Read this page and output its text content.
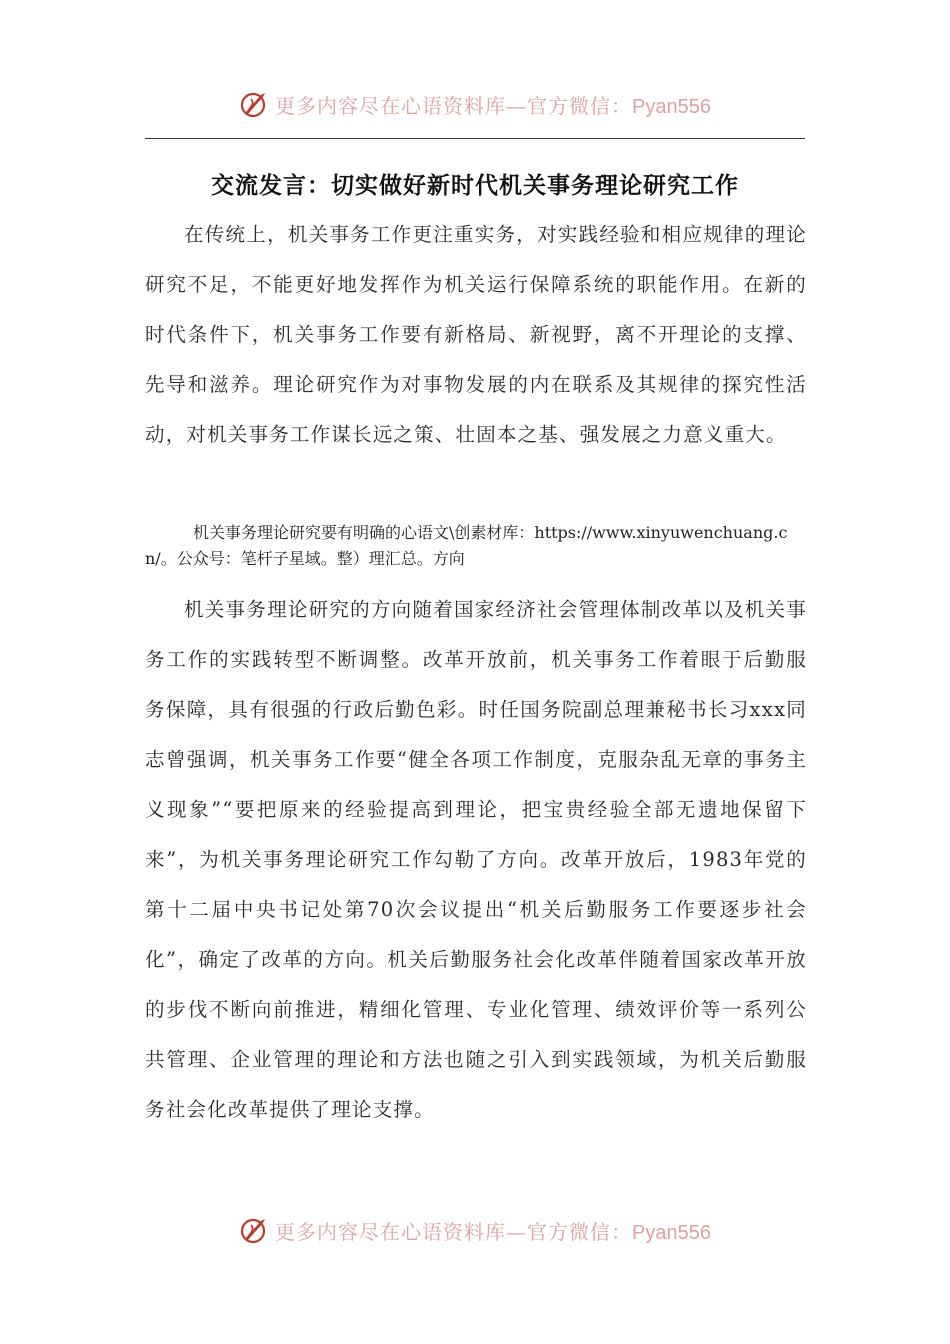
更多内容尽在心语资料库—官方微信：Pyan556
交流发言：切实做好新时代机关事务理论研究工作

在传统上，机关事务工作更注重实务，对实践经验和相应规律的理论研究不足，不能更好地发挥作为机关运行保障系统的职能作用。在新的时代条件下，机关事务工作要有新格局、新视野，离不开理论的支撑、先导和滋养。理论研究作为对事物发展的内在联系及其规律的探究性活动，对机关事务工作谋长远之策、壮固本之基、强发展之力意义重大。

机关事务理论研究要有明确的心语文\创素材库：https://www.xinyuwenchuang.cn/。公众号：笔杆子星域。整）理汇总。方向

机关事务理论研究的方向随着国家经济社会管理体制改革以及机关事务工作的实践转型不断调整。改革开放前，机关事务工作着眼于后勤服务保障，具有很强的行政后勤色彩。时任国务院副总理兼秘书长习xxx同志曾强调，机关事务工作要“健全各项工作制度，克服杂乱无章的事务主义现象”“要把原来的经验提高到理论，把宝贵经验全部无遗地保留下来”，为机关事务理论研究工作勾勒了方向。改革开放后，1983年党的第十二届中央书记处第70次会议提出“机关后勤服务工作要逐步社会化”，确定了改革的方向。机关后勤服务社会化改革伴随着国家改革开放的步伐不断向前推进，精细化管理、专业化管理、绩效评价等一系列公共管理、企业管理的理论和方法也随之引入到实践领域，为机关后勤服务社会化改革提供了理论支撑。

更多内容尽在心语资料库—官方微信：Pyan556
